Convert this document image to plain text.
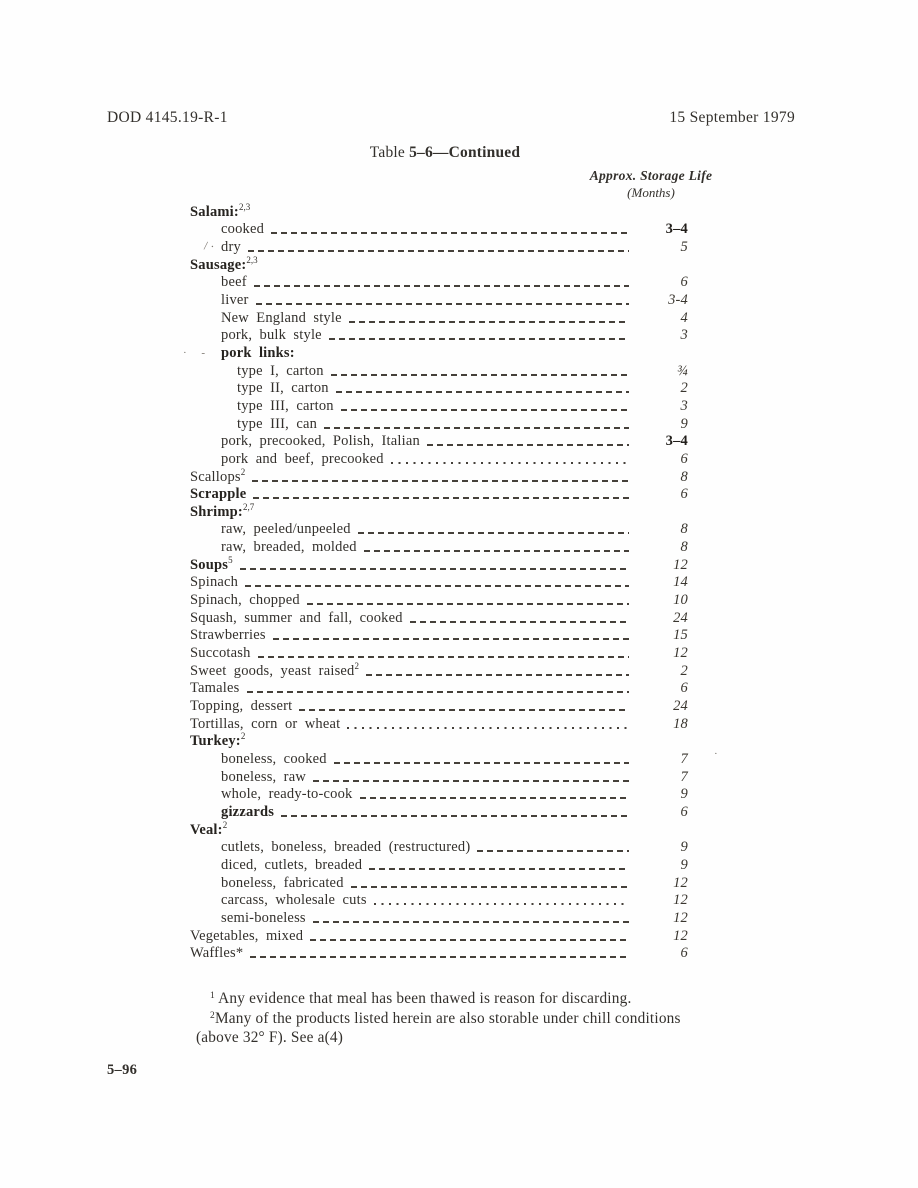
DOD 4145.19-R-1	15 September 1979
Table 5–6—Continued
Approx. Storage Life
(Months)
Salami:$^{2,3}$
cooked	3–4
dry	5
Sausage:$^{2,3}$
beef	6
liver	3-4
New England style	4
pork, bulk style	3
pork links:
type I, carton	¾
type II, carton	2
type III, carton	3
type III, can	9
pork, precooked, Polish, Italian	3–4
pork and beef, precooked	6
Scallops$^2$	8
Scrapple	6
Shrimp:$^{2,7}$
raw, peeled/unpeeled	8
raw, breaded, molded	8
Soups$^5$	12
Spinach	14
Spinach, chopped	10
Squash, summer and fall, cooked	24
Strawberries	15
Succotash	12
Sweet goods, yeast raised$^2$	2
Tamales	6
Topping, dessert	24
Tortillas, corn or wheat	18
Turkey:$^2$
boneless, cooked	7
boneless, raw	7
whole, ready-to-cook	9
gizzards	6
Veal:$^2$
cutlets, boneless, breaded (restructured)	9
diced, cutlets, breaded	9
boneless, fabricated	12
carcass, wholesale cuts	12
semi-boneless	12
Vegetables, mixed	12
Waffles*	6
$^1$ Any evidence that meal has been thawed is reason for discarding.
$^2$Many of the products listed herein are also storable under chill conditions
(above 32° F). See a(4)
5–96
/ ·
· -
·
